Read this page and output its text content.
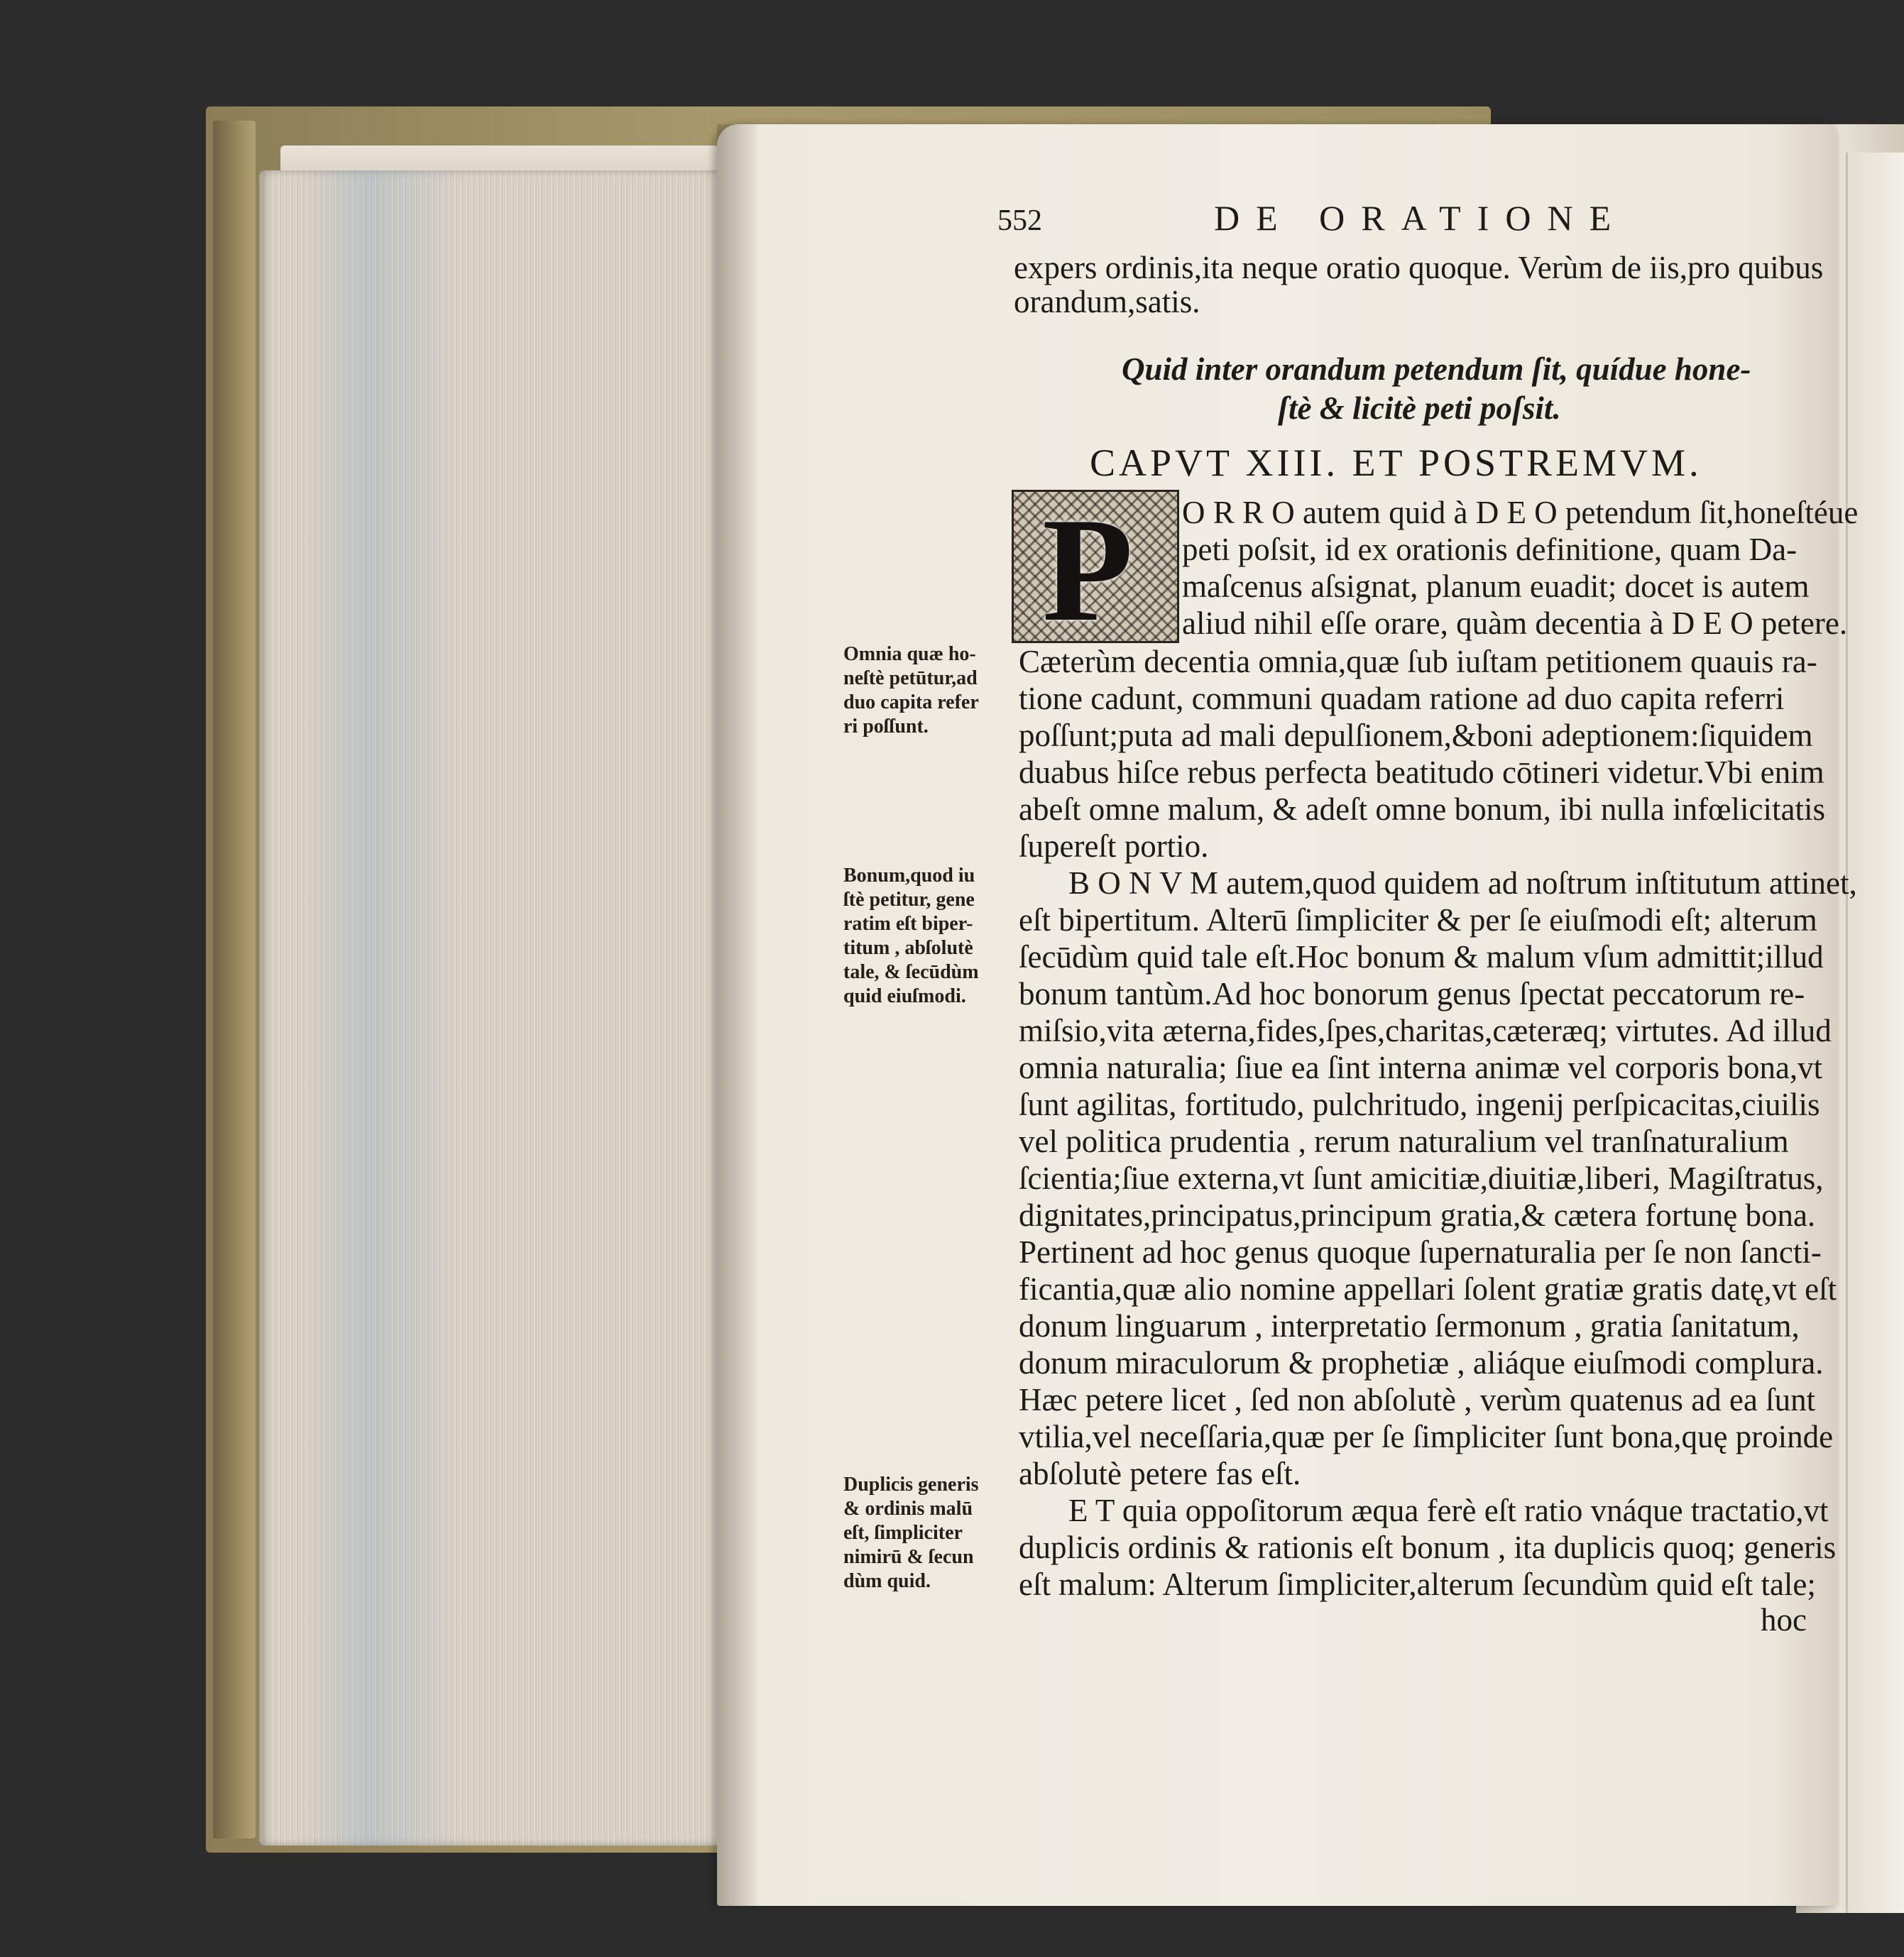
552	DE ORATIONE
expers ordinis,ita neque oratio quoque. Verùm de iis,pro quibus
orandum,satis.
Quid inter orandum petendum ſit, quídue hone-
ſtè & licitè peti poſsit.
CAPVT XIII. ET POSTREMVM.
P O R R O autem quid à D E O petendum ſit,honeſtéue
peti poſsit, id ex orationis definitione, quam Da-
maſcenus aſsignat, planum euadit; docet is autem
aliud nihil eſſe orare, quàm decentia à D E O petere.
Cæterùm decentia omnia,quæ ſub iuſtam petitionem quauis ra-
tione cadunt, communi quadam ratione ad duo capita referri
poſſunt;puta ad mali depulſionem,&boni adeptionem:ſiquidem
duabus hiſce rebus perfecta beatitudo cōtineri videtur.Vbi enim
abeſt omne malum, & adeſt omne bonum, ibi nulla infœlicitatis
ſupereſt portio.
B O N V M autem,quod quidem ad noſtrum inſtitutum attinet,
eſt bipertitum. Alterū ſimpliciter & per ſe eiuſmodi eſt; alterum
ſecūdùm quid tale eſt.Hoc bonum & malum vſum admittit;illud
bonum tantùm.Ad hoc bonorum genus ſpectat peccatorum re-
miſsio,vita æterna,fides,ſpes,charitas,cæteræq; virtutes. Ad illud
omnia naturalia; ſiue ea ſint interna animæ vel corporis bona,vt
ſunt agilitas, fortitudo, pulchritudo, ingenij perſpicacitas,ciuilis
vel politica prudentia , rerum naturalium vel tranſnaturalium
ſcientia;ſiue externa,vt ſunt amicitiæ,diuitiæ,liberi, Magiſtratus,
dignitates,principatus,principum gratia,& cætera fortunę bona.
Pertinent ad hoc genus quoque ſupernaturalia per ſe non ſancti-
ficantia,quæ alio nomine appellari ſolent gratiæ gratis datę,vt eſt
donum linguarum , interpretatio ſermonum , gratia ſanitatum,
donum miraculorum & prophetiæ , aliáque eiuſmodi complura.
Hæc petere licet , ſed non abſolutè , verùm quatenus ad ea ſunt
vtilia,vel neceſſaria,quæ per ſe ſimpliciter ſunt bona,quę proinde
abſolutè petere fas eſt.
E T quia oppoſitorum æqua ferè eſt ratio vnáque tractatio,vt
duplicis ordinis & rationis eſt bonum , ita duplicis quoq; generis
eſt malum: Alterum ſimpliciter,alterum ſecundùm quid eſt tale;
hoc
Omnia quæ ho-
neſtè petūtur,ad
duo capita refer
ri poſſunt.
Bonum,quod iu
ſtè petitur, gene
ratim eſt biper-
titum , abſolutè
tale, & ſecūdùm
quid eiuſmodi.
Duplicis generis
& ordinis malū
eſt, ſimpliciter
nimirū & ſecun
dùm quid.
